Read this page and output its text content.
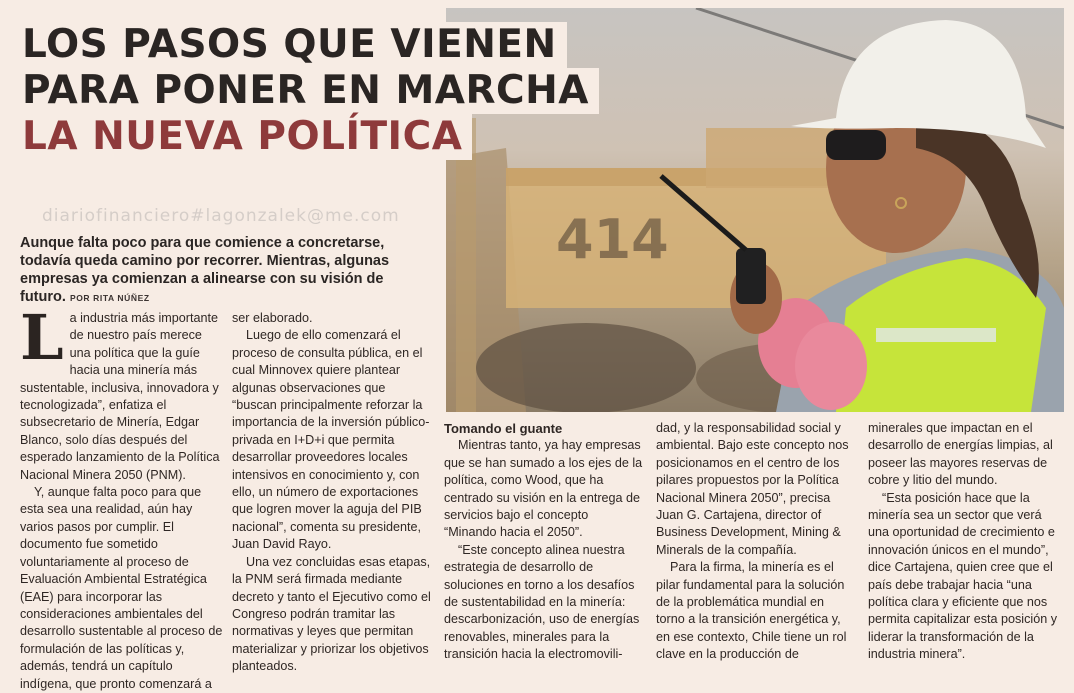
414
LOS PASOS QUE VIENEN
PARA PONER EN MARCHA
LA NUEVA POLÍTICA
diariofinanciero#lagonzalek@me.com
Aunque falta poco para que comience a concretarse, todavía queda camino por recorrer. Mientras, algunas empresas ya comienzan a alinearse con su visión de futuro. POR RITA NÚÑEZ

L a industria más importante de nuestro país merece una política que la guíe hacia una minería más sustentable, inclusiva, innovadora y tecnologizada”, enfatiza el subsecretario de Minería, Edgar Blanco, solo días después del esperado lanzamiento de la Política Nacional Minera 2050 (PNM).

Y, aunque falta poco para que esta sea una realidad, aún hay varios pasos por cumplir. El documento fue sometido voluntariamente al proceso de Evaluación Ambiental Estratégica (EAE) para incorporar las consideraciones ambientales del desarrollo sustentable al proceso de formulación de las políticas y, además, tendrá un capítulo indígena, que pronto comenzará a

ser elaborado.

Luego de ello comenzará el proceso de consulta pública, en el cual Minnovex quiere plantear algunas observaciones que “buscan principalmente reforzar la importancia de la inversión público-privada en I+D+i que permita desarrollar proveedores locales intensivos en conocimiento y, con ello, un número de exportaciones que logren mover la aguja del PIB nacional”, comenta su presidente, Juan David Rayo.

Una vez concluidas esas etapas, la PNM será firmada mediante decreto y tanto el Ejecutivo como el Congreso podrán tramitar las normativas y leyes que permitan materializar y priorizar los objetivos planteados.

Tomando el guante

Mientras tanto, ya hay empresas que se han sumado a los ejes de la política, como Wood, que ha centrado su visión en la entrega de servicios bajo el concepto “Minando hacia el 2050”.

“Este concepto alinea nuestra estrategia de desarrollo de soluciones en torno a los desafíos de sustentabilidad en la minería: descarbonización, uso de energías renovables, minerales para la transición hacia la electromovili-

dad, y la responsabilidad social y ambiental. Bajo este concepto nos posicionamos en el centro de los pilares propuestos por la Política Nacional Minera 2050”, precisa Juan G. Cartajena, director of Business Development, Mining & Minerals de la compañía.

Para la firma, la minería es el pilar fundamental para la solución de la problemática mundial en torno a la transición energética y, en ese contexto, Chile tiene un rol clave en la producción de

minerales que impactan en el desarrollo de energías limpias, al poseer las mayores reservas de cobre y litio del mundo.

“Esta posición hace que la minería sea un sector que verá una oportunidad de crecimiento e innovación únicos en el mundo”, dice Cartajena, quien cree que el país debe trabajar hacia “una política clara y eficiente que nos permita capitalizar esta posición y liderar la transformación de la industria minera”.
